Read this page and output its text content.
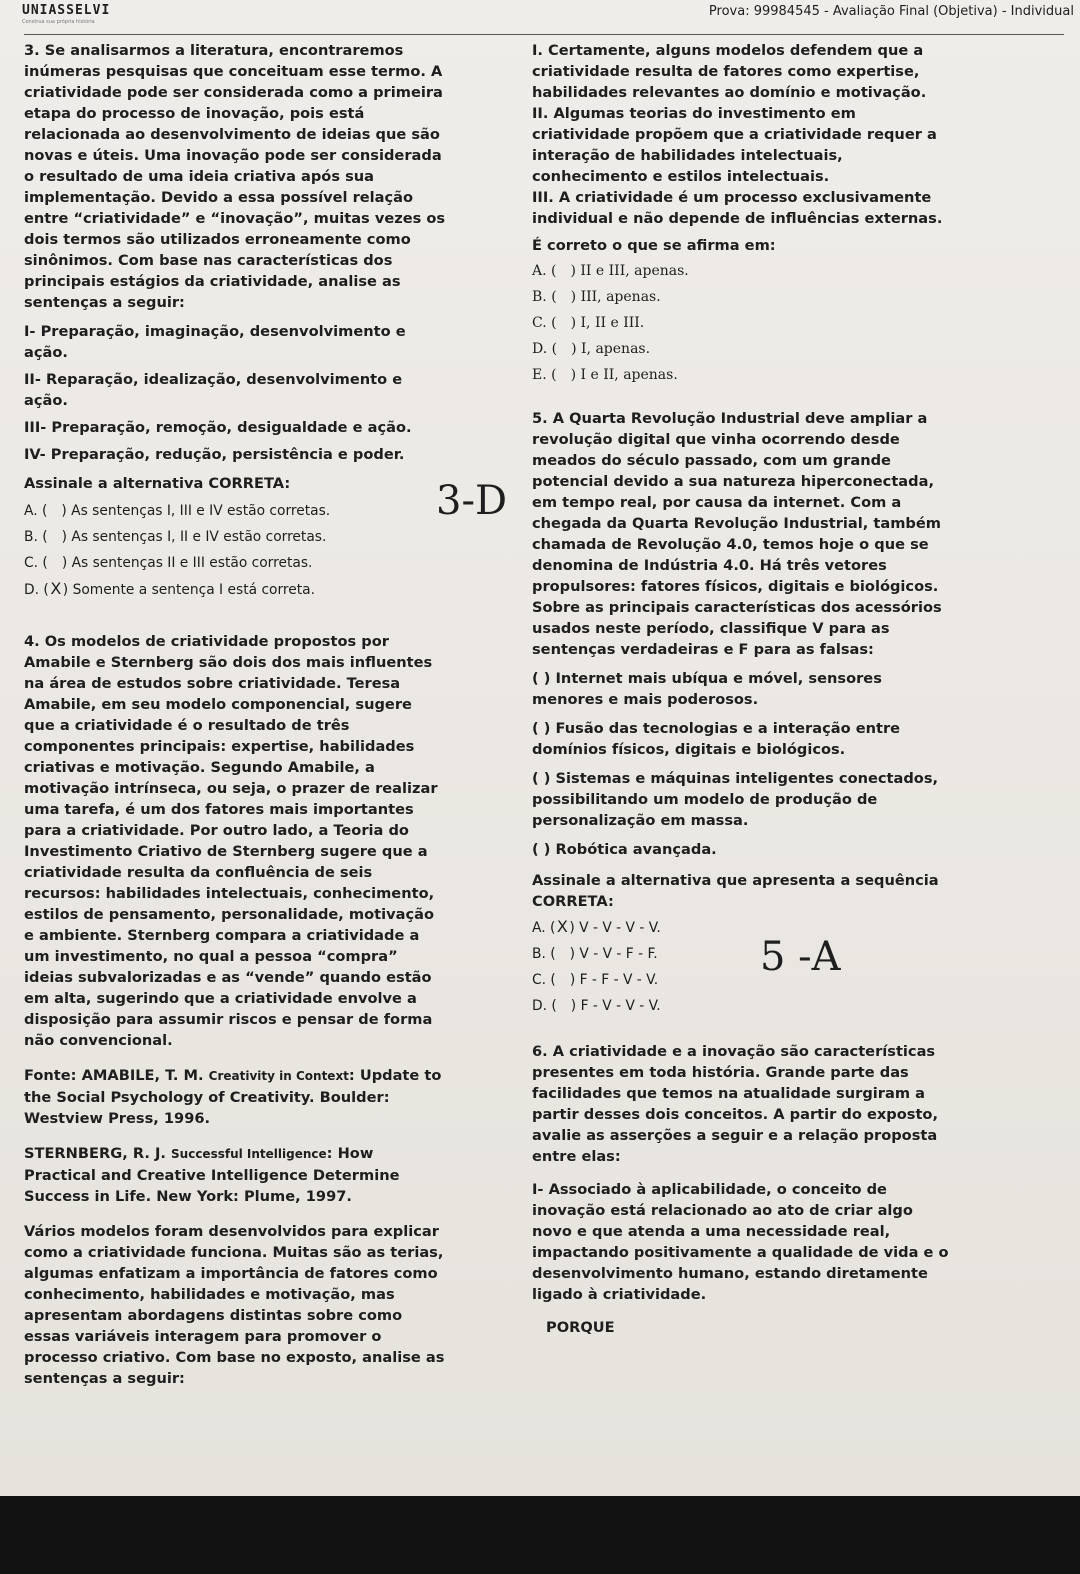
UNIASSELVI
Construa sua própria história
Prova: 99984545 - Avaliação Final (Objetiva) - Individual

3. Se analisarmos a literatura, encontraremos

inúmeras pesquisas que conceituam esse termo. A

criatividade pode ser considerada como a primeira

etapa do processo de inovação, pois está

relacionada ao desenvolvimento de ideias que são

novas e úteis. Uma inovação pode ser considerada

o resultado de uma ideia criativa após sua

implementação. Devido a essa possível relação

entre “criatividade” e “inovação”, muitas vezes os

dois termos são utilizados erroneamente como

sinônimos. Com base nas características dos

principais estágios da criatividade, analise as

sentenças a seguir:

I- Preparação, imaginação, desenvolvimento e

ação.

II- Reparação, idealização, desenvolvimento e

ação.

III- Preparação, remoção, desigualdade e ação.

IV- Preparação, redução, persistência e poder.

Assinale a alternativa CORRETA:

A. ( ) As sentenças I, III e IV estão corretas.

B. ( ) As sentenças I, II e IV estão corretas.

C. ( ) As sentenças II e III estão corretas.

D. (X ) Somente a sentença I está correta.

4. Os modelos de criatividade propostos por

Amabile e Sternberg são dois dos mais influentes

na área de estudos sobre criatividade. Teresa

Amabile, em seu modelo componencial, sugere

que a criatividade é o resultado de três

componentes principais: expertise, habilidades

criativas e motivação. Segundo Amabile, a

motivação intrínseca, ou seja, o prazer de realizar

uma tarefa, é um dos fatores mais importantes

para a criatividade. Por outro lado, a Teoria do

Investimento Criativo de Sternberg sugere que a

criatividade resulta da confluência de seis

recursos: habilidades intelectuais, conhecimento,

estilos de pensamento, personalidade, motivação

e ambiente. Sternberg compara a criatividade a

um investimento, no qual a pessoa “compra”

ideias subvalorizadas e as “vende” quando estão

em alta, sugerindo que a criatividade envolve a

disposição para assumir riscos e pensar de forma

não convencional.

Fonte: AMABILE, T. M. Creativity in Context: Update to

the Social Psychology of Creativity. Boulder:

Westview Press, 1996.

STERNBERG, R. J. Successful Intelligence: How

Practical and Creative Intelligence Determine

Success in Life. New York: Plume, 1997.

Vários modelos foram desenvolvidos para explicar

como a criatividade funciona. Muitas são as terias,

algumas enfatizam a importância de fatores como

conhecimento, habilidades e motivação, mas

apresentam abordagens distintas sobre como

essas variáveis interagem para promover o

processo criativo. Com base no exposto, analise as

sentenças a seguir:

3-D

I. Certamente, alguns modelos defendem que a

criatividade resulta de fatores como expertise,

habilidades relevantes ao domínio e motivação.

II. Algumas teorias do investimento em

criatividade propõem que a criatividade requer a

interação de habilidades intelectuais,

conhecimento e estilos intelectuais.

III. A criatividade é um processo exclusivamente

individual e não depende de influências externas.

É correto o que se afirma em:

A. ( ) II e III, apenas.

B. ( ) III, apenas.

C. ( ) I, II e III.

D. ( ) I, apenas.

E. ( ) I e II, apenas.

5. A Quarta Revolução Industrial deve ampliar a

revolução digital que vinha ocorrendo desde

meados do século passado, com um grande

potencial devido a sua natureza hiperconectada,

em tempo real, por causa da internet. Com a

chegada da Quarta Revolução Industrial, também

chamada de Revolução 4.0, temos hoje o que se

denomina de Indústria 4.0. Há três vetores

propulsores: fatores físicos, digitais e biológicos.

Sobre as principais características dos acessórios

usados neste período, classifique V para as

sentenças verdadeiras e F para as falsas:

( ) Internet mais ubíqua e móvel, sensores

menores e mais poderosos.

( ) Fusão das tecnologias e a interação entre

domínios físicos, digitais e biológicos.

( ) Sistemas e máquinas inteligentes conectados,

possibilitando um modelo de produção de

personalização em massa.

( ) Robótica avançada.

Assinale a alternativa que apresenta a sequência

CORRETA:

A. (X ) V - V - V - V.

B. ( ) V - V - F - F.

C. ( ) F - F - V - V.

D. ( ) F - V - V - V.

6. A criatividade e a inovação são características

presentes em toda história. Grande parte das

facilidades que temos na atualidade surgiram a

partir desses dois conceitos. A partir do exposto,

avalie as asserções a seguir e a relação proposta

entre elas:

I- Associado à aplicabilidade, o conceito de

inovação está relacionado ao ato de criar algo

novo e que atenda a uma necessidade real,

impactando positivamente a qualidade de vida e o

desenvolvimento humano, estando diretamente

ligado à criatividade.

PORQUE

5 -A
